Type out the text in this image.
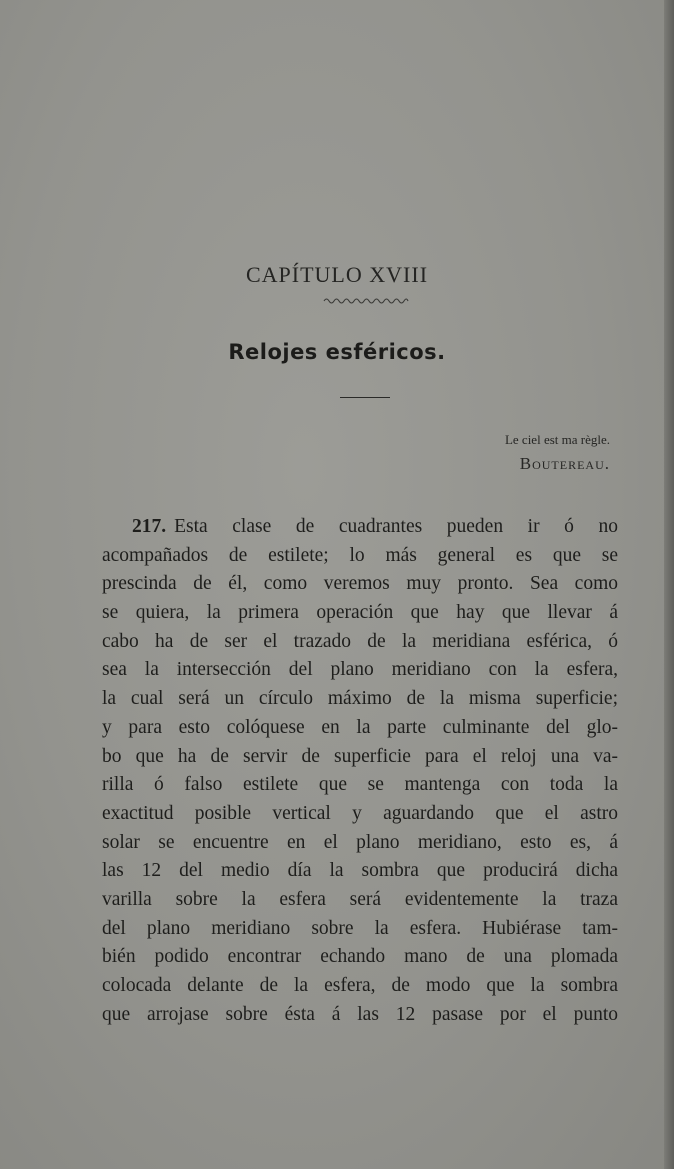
CAPÍTULO XVIII
Relojes esféricos.
Le ciel est ma règle.
Boutereau.
217. Esta clase de cuadrantes pueden ir ó no
acompañados de estilete; lo más general es que se
prescinda de él, como veremos muy pronto. Sea como
se quiera, la primera operación que hay que llevar á
cabo ha de ser el trazado de la meridiana esférica, ó
sea la intersección del plano meridiano con la esfera,
la cual será un círculo máximo de la misma superficie;
y para esto colóquese en la parte culminante del glo-
bo que ha de servir de superficie para el reloj una va-
rilla ó falso estilete que se mantenga con toda la
exactitud posible vertical y aguardando que el astro
solar se encuentre en el plano meridiano, esto es, á
las 12 del medio día la sombra que producirá dicha
varilla sobre la esfera será evidentemente la traza
del plano meridiano sobre la esfera. Hubiérase tam-
bién podido encontrar echando mano de una plomada
colocada delante de la esfera, de modo que la sombra
que arrojase sobre ésta á las 12 pasase por el punto
